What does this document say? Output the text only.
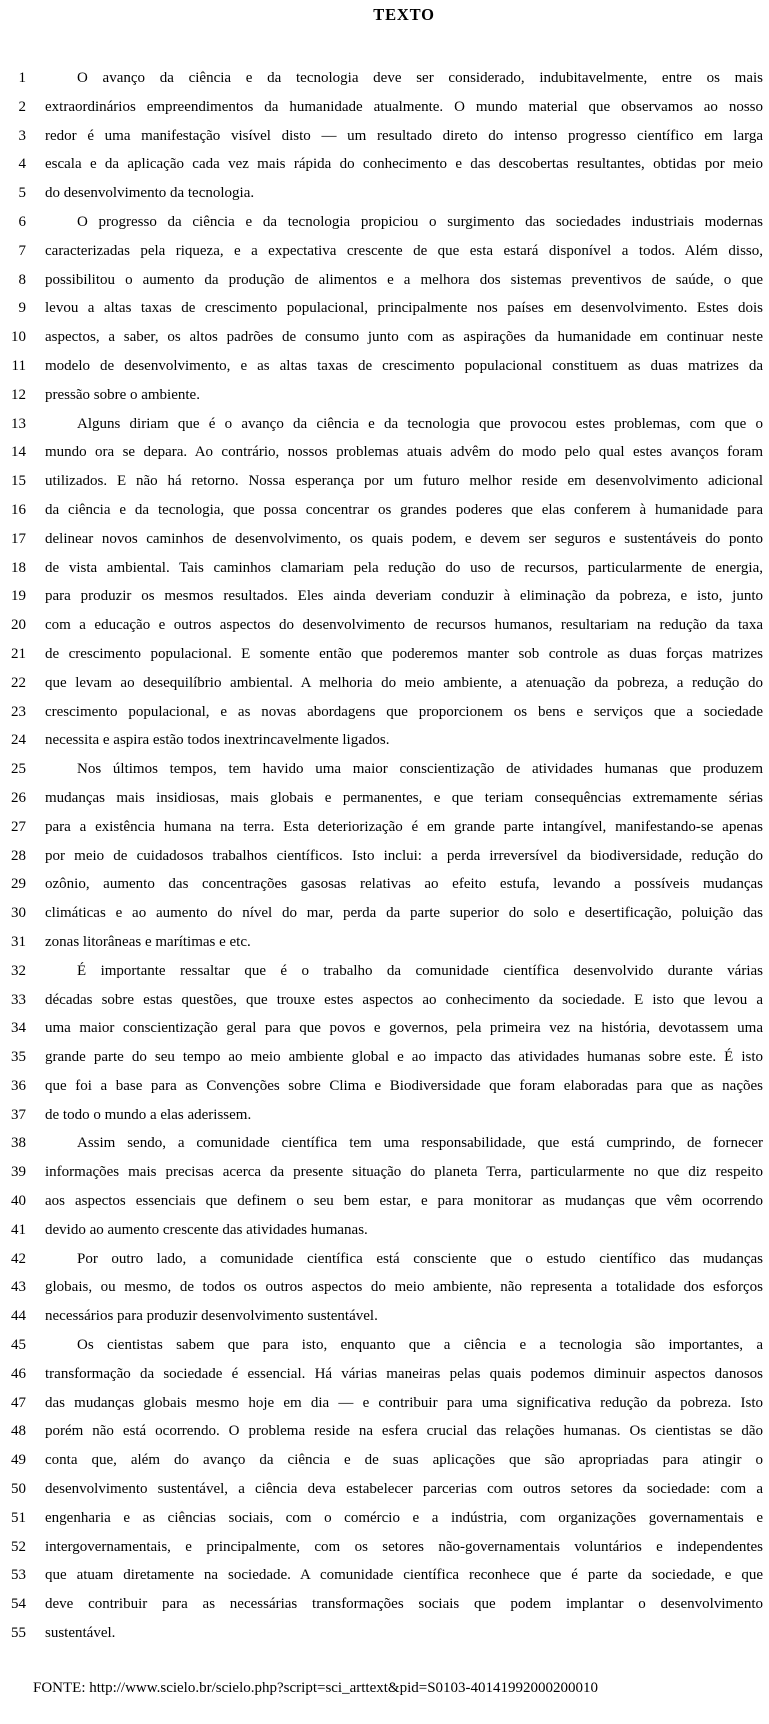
TEXTO
1	O avanço da ciência e da tecnologia deve ser considerado, indubitavelmente, entre os mais
2 extraordinários empreendimentos da humanidade atualmente. O mundo material que observamos ao nosso
3 redor é uma manifestação visível disto — um resultado direto do intenso progresso científico em larga
4 escala e da aplicação cada vez mais rápida do conhecimento e das descobertas resultantes, obtidas por meio
5 do desenvolvimento da tecnologia.
6	O progresso da ciência e da tecnologia propiciou o surgimento das sociedades industriais modernas
7 caracterizadas pela riqueza, e a expectativa crescente de que esta estará disponível a todos. Além disso,
8 possibilitou o aumento da produção de alimentos e a melhora dos sistemas preventivos de saúde, o que
9 levou a altas taxas de crescimento populacional, principalmente nos países em desenvolvimento. Estes dois
10 aspectos, a saber, os altos padrões de consumo junto com as aspirações da humanidade em continuar neste
11 modelo de desenvolvimento, e as altas taxas de crescimento populacional constituem as duas matrizes da
12 pressão sobre o ambiente.
13	Alguns diriam que é o avanço da ciência e da tecnologia que provocou estes problemas, com que o
14 mundo ora se depara. Ao contrário, nossos problemas atuais advêm do modo pelo qual estes avanços foram
15 utilizados. E não há retorno. Nossa esperança por um futuro melhor reside em desenvolvimento adicional
16 da ciência e da tecnologia, que possa concentrar os grandes poderes que elas conferem à humanidade para
17 delinear novos caminhos de desenvolvimento, os quais podem, e devem ser seguros e sustentáveis do ponto
18 de vista ambiental. Tais caminhos clamariam pela redução do uso de recursos, particularmente de energia,
19 para produzir os mesmos resultados. Eles ainda deveriam conduzir à eliminação da pobreza, e isto, junto
20 com a educação e outros aspectos do desenvolvimento de recursos humanos, resultariam na redução da taxa
21 de crescimento populacional. E somente então que poderemos manter sob controle as duas forças matrizes
22 que levam ao desequilíbrio ambiental. A melhoria do meio ambiente, a atenuação da pobreza, a redução do
23 crescimento populacional, e as novas abordagens que proporcionem os bens e serviços que a sociedade
24 necessita e aspira estão todos inextrincavelmente ligados.
25	Nos últimos tempos, tem havido uma maior conscientização de atividades humanas que produzem
26 mudanças mais insidiosas, mais globais e permanentes, e que teriam consequências extremamente sérias
27 para a existência humana na terra. Esta deteriorização é em grande parte intangível, manifestando-se apenas
28 por meio de cuidadosos trabalhos científicos. Isto inclui: a perda irreversível da biodiversidade, redução do
29 ozônio, aumento das concentrações gasosas relativas ao efeito estufa, levando a possíveis mudanças
30 climáticas e ao aumento do nível do mar, perda da parte superior do solo e desertificação, poluição das
31 zonas litorâneas e marítimas e etc.
32	É importante ressaltar que é o trabalho da comunidade científica desenvolvido durante várias
33 décadas sobre estas questões, que trouxe estes aspectos ao conhecimento da sociedade. E isto que levou a
34 uma maior conscientização geral para que povos e governos, pela primeira vez na história, devotassem uma
35 grande parte do seu tempo ao meio ambiente global e ao impacto das atividades humanas sobre este. É isto
36 que foi a base para as Convenções sobre Clima e Biodiversidade que foram elaboradas para que as nações
37 de todo o mundo a elas aderissem.
38	Assim sendo, a comunidade científica tem uma responsabilidade, que está cumprindo, de fornecer
39 informações mais precisas acerca da presente situação do planeta Terra, particularmente no que diz respeito
40 aos aspectos essenciais que definem o seu bem estar, e para monitorar as mudanças que vêm ocorrendo
41 devido ao aumento crescente das atividades humanas.
42	Por outro lado, a comunidade científica está consciente que o estudo científico das mudanças
43 globais, ou mesmo, de todos os outros aspectos do meio ambiente, não representa a totalidade dos esforços
44 necessários para produzir desenvolvimento sustentável.
45	Os cientistas sabem que para isto, enquanto que a ciência e a tecnologia são importantes, a
46 transformação da sociedade é essencial. Há várias maneiras pelas quais podemos diminuir aspectos danosos
47 das mudanças globais mesmo hoje em dia — e contribuir para uma significativa redução da pobreza. Isto
48 porém não está ocorrendo. O problema reside na esfera crucial das relações humanas. Os cientistas se dão
49 conta que, além do avanço da ciência e de suas aplicações que são apropriadas para atingir o
50 desenvolvimento sustentável, a ciência deva estabelecer parcerias com outros setores da sociedade: com a
51 engenharia e as ciências sociais, com o comércio e a indústria, com organizações governamentais e
52 intergovernamentais, e principalmente, com os setores não-governamentais voluntários e independentes
53 que atuam diretamente na sociedade. A comunidade científica reconhece que é parte da sociedade, e que
54 deve contribuir para as necessárias transformações sociais que podem implantar o desenvolvimento
55 sustentável.
FONTE: http://www.scielo.br/scielo.php?script=sci_arttext&pid=S0103-40141992000200010
